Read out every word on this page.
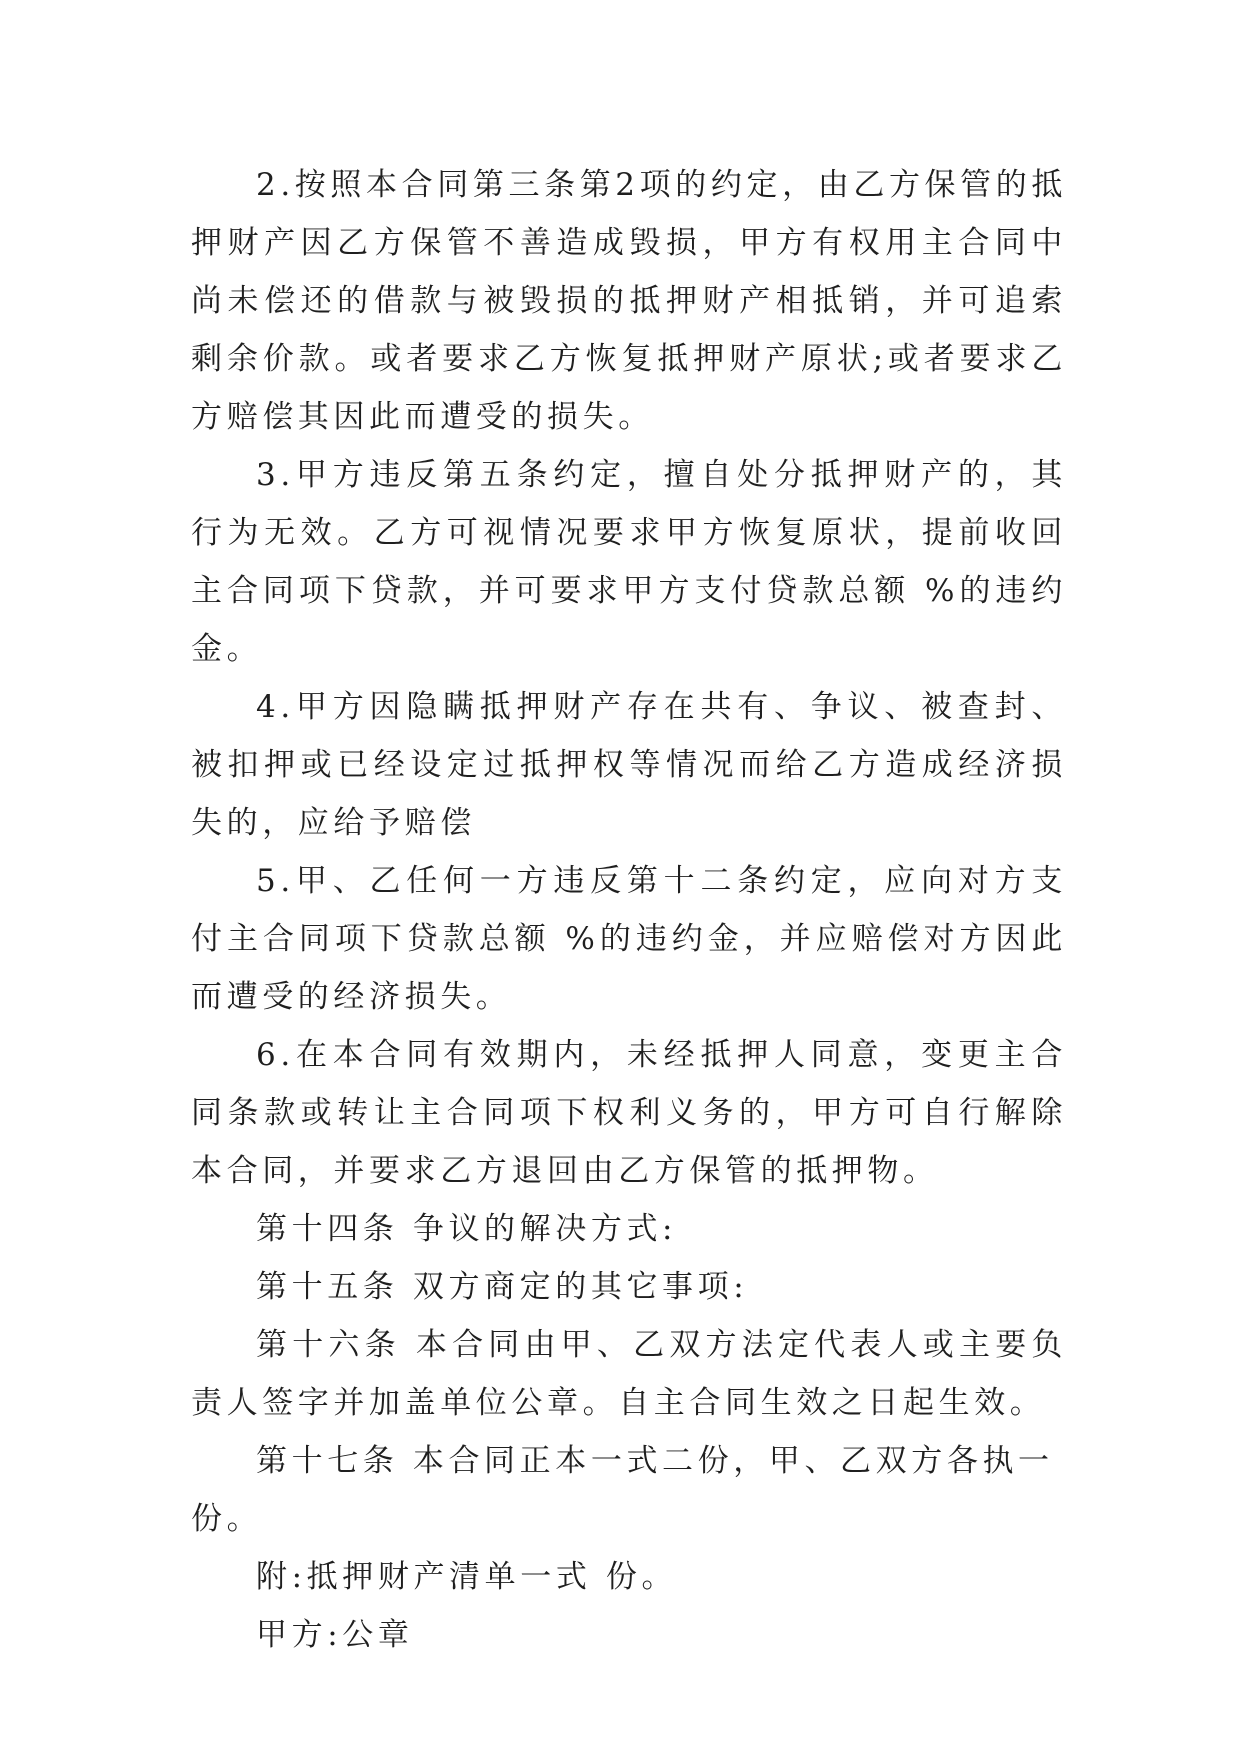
2.按照本合同第三条第2项的约定，由乙方保管的抵押财产因乙方保管不善造成毁损，甲方有权用主合同中尚未偿还的借款与被毁损的抵押财产相抵销，并可追索剩余价款。或者要求乙方恢复抵押财产原状;或者要求乙方赔偿其因此而遭受的损失。

3.甲方违反第五条约定，擅自处分抵押财产的，其行为无效。乙方可视情况要求甲方恢复原状，提前收回主合同项下贷款，并可要求甲方支付贷款总额 %的违约金。

4.甲方因隐瞒抵押财产存在共有、争议、被查封、被扣押或已经设定过抵押权等情况而给乙方造成经济损失的，应给予赔偿

5.甲、乙任何一方违反第十二条约定，应向对方支付主合同项下贷款总额 %的违约金，并应赔偿对方因此而遭受的经济损失。

6.在本合同有效期内，未经抵押人同意，变更主合同条款或转让主合同项下权利义务的，甲方可自行解除本合同，并要求乙方退回由乙方保管的抵押物。

第十四条 争议的解决方式:

第十五条 双方商定的其它事项:

第十六条 本合同由甲、乙双方法定代表人或主要负责人签字并加盖单位公章。自主合同生效之日起生效。

第十七条 本合同正本一式二份，甲、乙双方各执一份。

附:抵押财产清单一式 份。

甲方:公章
